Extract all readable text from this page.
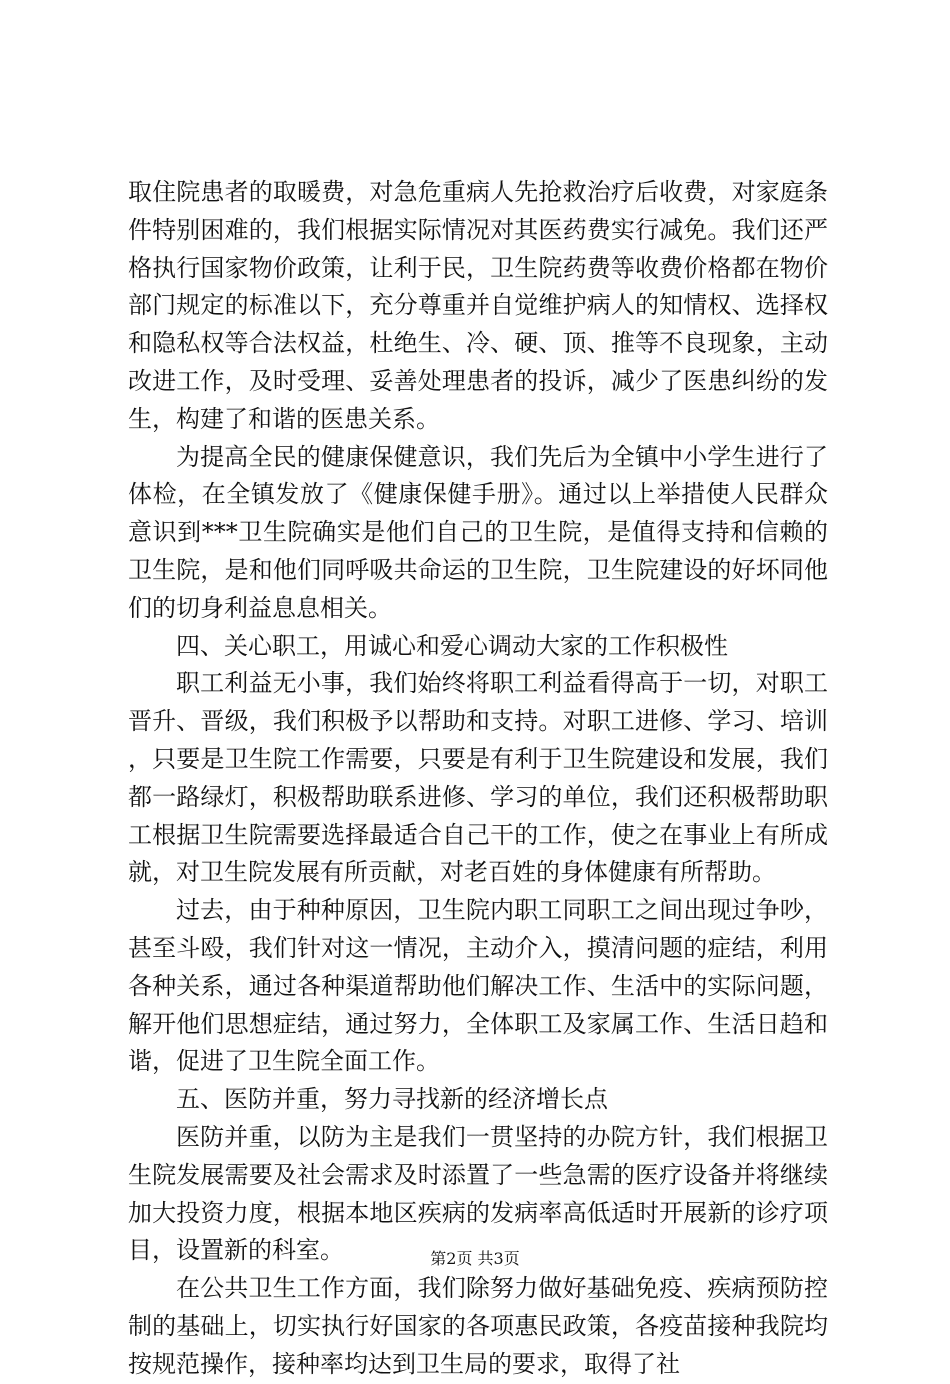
取住院患者的取暖费，对急危重病人先抢救治疗后收费，对家庭条件特别困难的，我们根据实际情况对其医药费实行减免。我们还严格执行国家物价政策，让利于民，卫生院药费等收费价格都在物价部门规定的标准以下，充分尊重并自觉维护病人的知情权、选择权和隐私权等合法权益，杜绝生、冷、硬、顶、推等不良现象，主动改进工作，及时受理、妥善处理患者的投诉，减少了医患纠纷的发生，构建了和谐的医患关系。

为提高全民的健康保健意识，我们先后为全镇中小学生进行了体检，在全镇发放了《健康保健手册》。通过以上举措使人民群众意识到***卫生院确实是他们自己的卫生院，是值得支持和信赖的卫生院，是和他们同呼吸共命运的卫生院，卫生院建设的好坏同他们的切身利益息息相关。

四、关心职工，用诚心和爱心调动大家的工作积极性

职工利益无小事，我们始终将职工利益看得高于一切，对职工晋升、晋级，我们积极予以帮助和支持。对职工进修、学习、培训，只要是卫生院工作需要，只要是有利于卫生院建设和发展，我们都一路绿灯，积极帮助联系进修、学习的单位，我们还积极帮助职工根据卫生院需要选择最适合自己干的工作，使之在事业上有所成就，对卫生院发展有所贡献，对老百姓的身体健康有所帮助。

过去，由于种种原因，卫生院内职工同职工之间出现过争吵，甚至斗殴，我们针对这一情况，主动介入，摸清问题的症结，利用各种关系，通过各种渠道帮助他们解决工作、生活中的实际问题，解开他们思想症结，通过努力，全体职工及家属工作、生活日趋和谐，促进了卫生院全面工作。

五、医防并重，努力寻找新的经济增长点

医防并重，以防为主是我们一贯坚持的办院方针，我们根据卫生院发展需要及社会需求及时添置了一些急需的医疗设备并将继续加大投资力度，根据本地区疾病的发病率高低适时开展新的诊疗项目，设置新的科室。

在公共卫生工作方面，我们除努力做好基础免疫、疾病预防控制的基础上，切实执行好国家的各项惠民政策，各疫苗接种我院均按规范操作，接种率均达到卫生局的要求，取得了社

第2页 共3页
